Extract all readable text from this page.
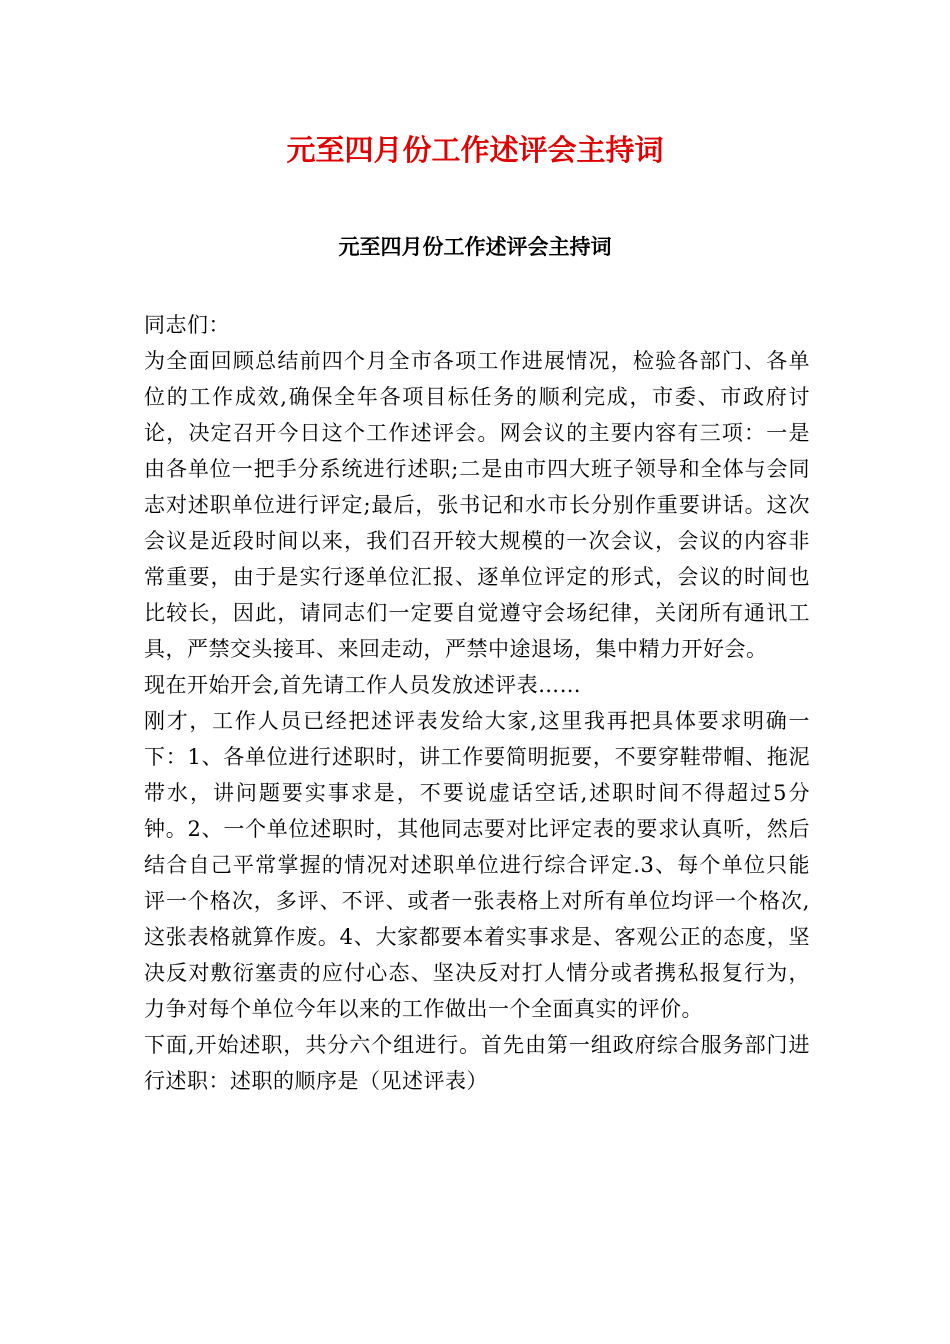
元至四月份工作述评会主持词
元至四月份工作述评会主持词

同志们：

为全面回顾总结前四个月全市各项工作进展情况，检验各部门、各单位的工作成效,确保全年各项目标任务的顺利完成，市委、市政府讨论，决定召开今日这个工作述评会。网会议的主要内容有三项：一是由各单位一把手分系统进行述职;二是由市四大班子领导和全体与会同志对述职单位进行评定;最后，张书记和水市长分别作重要讲话。这次会议是近段时间以来，我们召开较大规模的一次会议，会议的内容非常重要，由于是实行逐单位汇报、逐单位评定的形式，会议的时间也比较长，因此，请同志们一定要自觉遵守会场纪律，关闭所有通讯工具，严禁交头接耳、来回走动，严禁中途退场，集中精力开好会。

现在开始开会,首先请工作人员发放述评表……

刚才，工作人员已经把述评表发给大家,这里我再把具体要求明确一下：1、各单位进行述职时，讲工作要简明扼要，不要穿鞋带帽、拖泥带水，讲问题要实事求是，不要说虚话空话,述职时间不得超过5分钟。2、一个单位述职时，其他同志要对比评定表的要求认真听，然后结合自己平常掌握的情况对述职单位进行综合评定.3、每个单位只能评一个格次，多评、不评、或者一张表格上对所有单位均评一个格次,这张表格就算作废。4、大家都要本着实事求是、客观公正的态度，坚决反对敷衍塞责的应付心态、坚决反对打人情分或者携私报复行为，力争对每个单位今年以来的工作做出一个全面真实的评价。

下面,开始述职，共分六个组进行。首先由第一组政府综合服务部门进行述职：述职的顺序是（见述评表）
